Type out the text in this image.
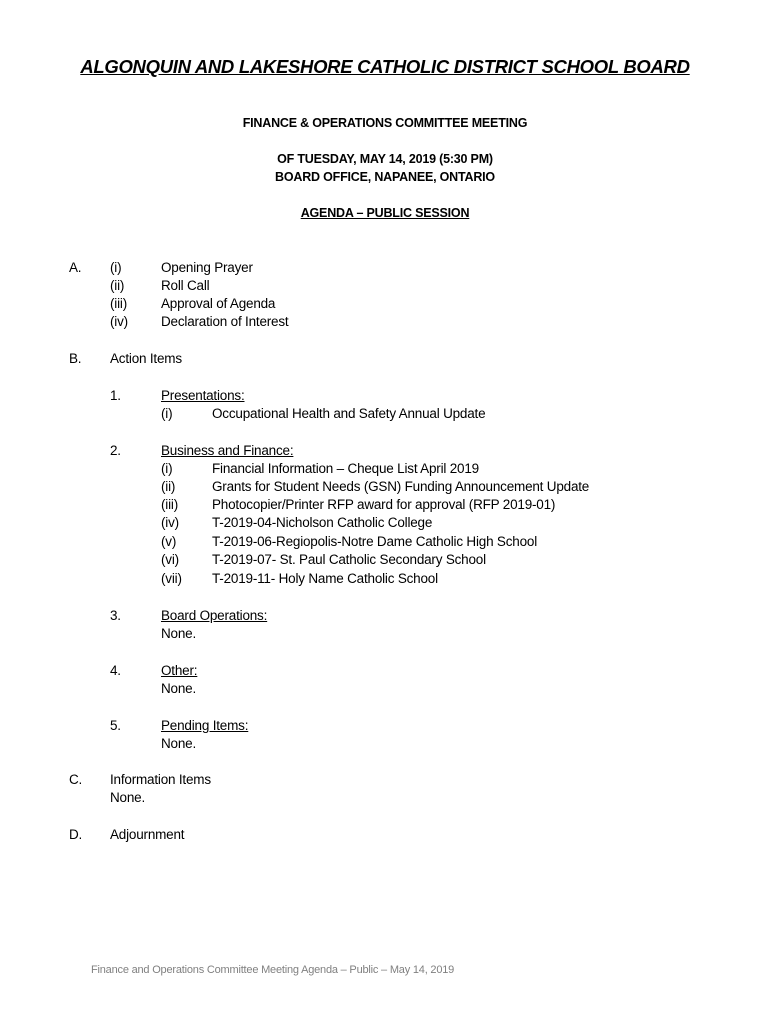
ALGONQUIN AND LAKESHORE CATHOLIC DISTRICT SCHOOL BOARD
FINANCE & OPERATIONS COMMITTEE MEETING
OF TUESDAY, MAY 14, 2019 (5:30 PM)
BOARD OFFICE, NAPANEE, ONTARIO
AGENDA – PUBLIC SESSION
A. (i)	Opening Prayer
(ii)	Roll Call
(iii)	Approval of Agenda
(iv) Declaration of Interest
B. Action Items
1.	Presentations:
(i)	Occupational Health and Safety Annual Update
2.	Business and Finance:
(i)	Financial Information – Cheque List April 2019
(ii)	Grants for Student Needs (GSN) Funding Announcement Update
(iii)	Photocopier/Printer RFP award for approval (RFP 2019-01)
(iv) T-2019-04-Nicholson Catholic College
(v)	T-2019-06-Regiopolis-Notre Dame Catholic High School
(vi) T-2019-07- St. Paul Catholic Secondary School
(vii) T-2019-11- Holy Name Catholic School
3.	Board Operations:
None.
4.	Other:
None.
5.	Pending Items:
None.
C. Information Items
None.
D. Adjournment
Finance and Operations Committee Meeting Agenda – Public – May 14, 2019
